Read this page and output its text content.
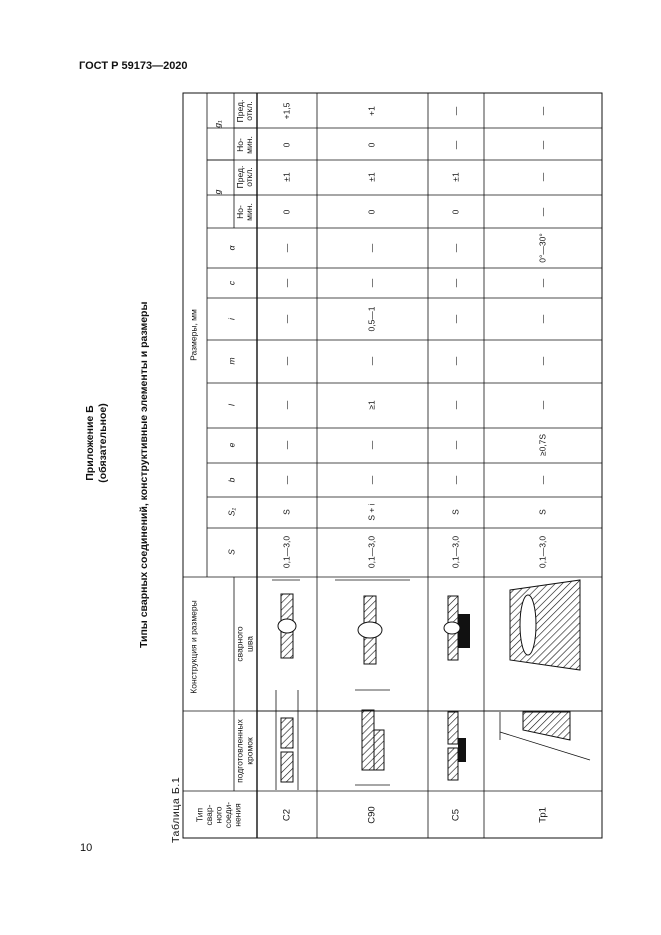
ГОСТ Р 59173—2020
Приложение Б (обязательное)	Типы сварных соединений, конструктивные элементы и размеры
Таблица Б.1 Тип свар- ного соеди- нения
Конструкция и размеры
подготовленных кромок
сварного шва
Размеры, мм
S
S₁
b
e
l
m
i
c
α
g
g₁
Но- мин.
Пред. откл.
Но- мин.
Пред. откл.
C2
0,1—3,0
S
—
—
—
—
—
—
—
0
±1
0
+1,5
C90
0,1—3,0
S + i
—
—
≥1
—
0,5—1
—
—
0
±1
0
+1
C5
0,1—3,0
S
—
—
—
—
—
—
—
0
±1
—
—
Тр1
0,1—3,0
S
—
≥0,7S
—
—
—
—
0°—30°
—
—
—
—
10
